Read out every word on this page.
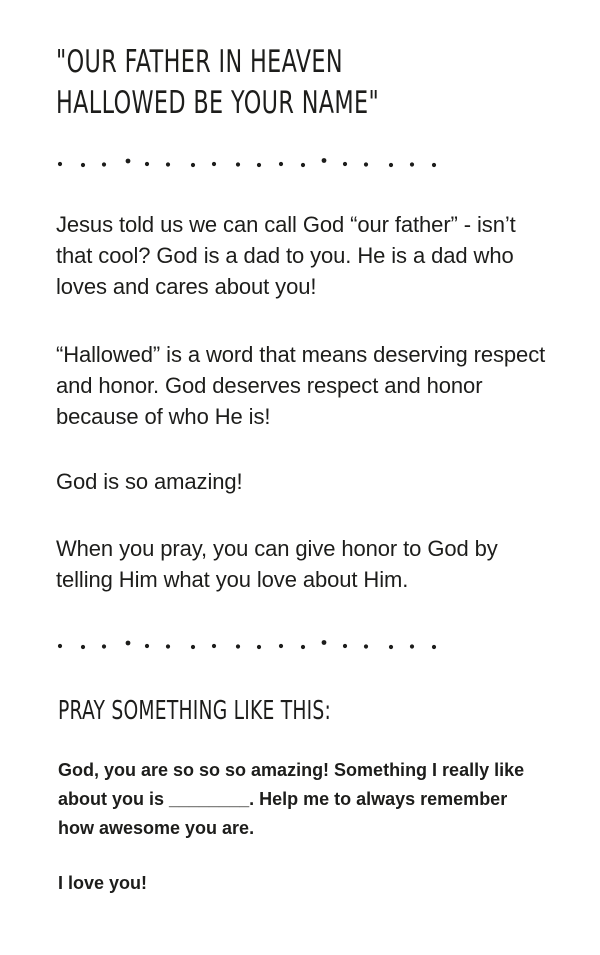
"OUR FATHER IN HEAVEN
HALLOWED BE YOUR NAME"

Jesus told us we can call God “our father” - isn’t that cool? God is a dad to you. He is a dad who loves and cares about you!

“Hallowed” is a word that means deserving respect and honor. God deserves respect and honor because of who He is!

God is so amazing!

When you pray, you can give honor to God by telling Him what you love about Him.

PRAY SOMETHING LIKE THIS:

God, you are so so so amazing! Something I really like about you is ________. Help me to always remember how awesome you are.

I love you!
